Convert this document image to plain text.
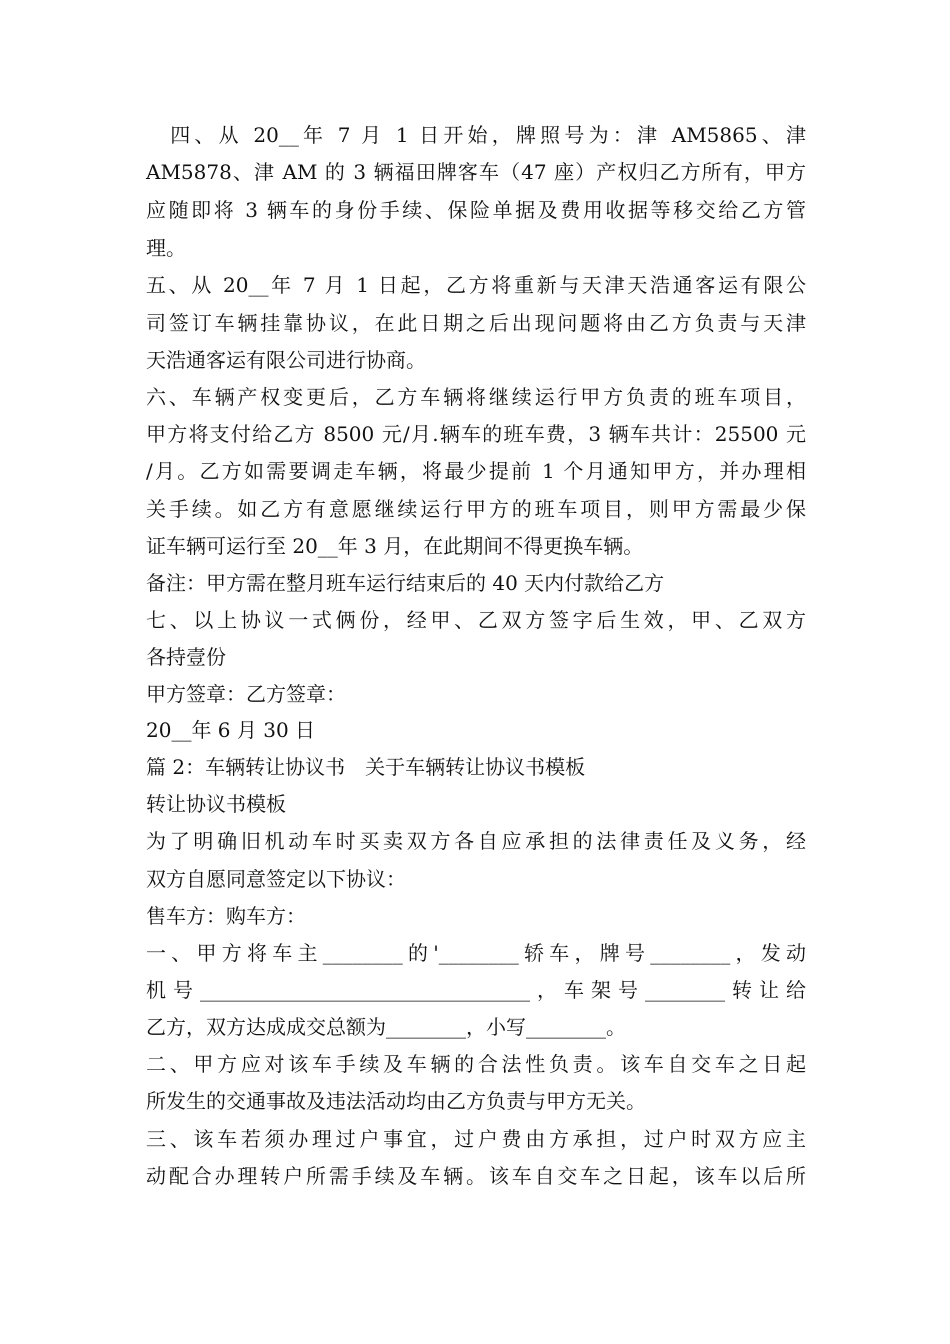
　四、从 20__年 7 月 1 日开始，牌照号为：津 AM5865、津
AM5878、津 AM 的 3 辆福田牌客车（47 座）产权归乙方所有，甲方
应随即将 3 辆车的身份手续、保险单据及费用收据等移交给乙方管
理。
五、从 20__年 7 月 1 日起，乙方将重新与天津天浩通客运有限公
司签订车辆挂靠协议，在此日期之后出现问题将由乙方负责与天津
天浩通客运有限公司进行协商。
六、车辆产权变更后，乙方车辆将继续运行甲方负责的班车项目，
甲方将支付给乙方 8500 元/月.辆车的班车费，3 辆车共计：25500 元
/月。乙方如需要调走车辆，将最少提前 1 个月通知甲方，并办理相
关手续。如乙方有意愿继续运行甲方的班车项目，则甲方需最少保
证车辆可运行至 20__年 3 月，在此期间不得更换车辆。
备注：甲方需在整月班车运行结束后的 40 天内付款给乙方
七、以上协议一式俩份，经甲、乙双方签字后生效，甲、乙双方
各持壹份
甲方签章：乙方签章：
20__年 6 月 30 日
篇 2：车辆转让协议书　关于车辆转让协议书模板
转让协议书模板
为了明确旧机动车时买卖双方各自应承担的法律责任及义务，经
双方自愿同意签定以下协议：
售车方：购车方：
一、甲方将车主________的'________轿车，牌号________，发动
机号_________________________________，车架号________转让给
乙方，双方达成成交总额为________，小写________。
二、甲方应对该车手续及车辆的合法性负责。该车自交车之日起
所发生的交通事故及违法活动均由乙方负责与甲方无关。
三、该车若须办理过户事宜，过户费由方承担，过户时双方应主
动配合办理转户所需手续及车辆。该车自交车之日起，该车以后所
